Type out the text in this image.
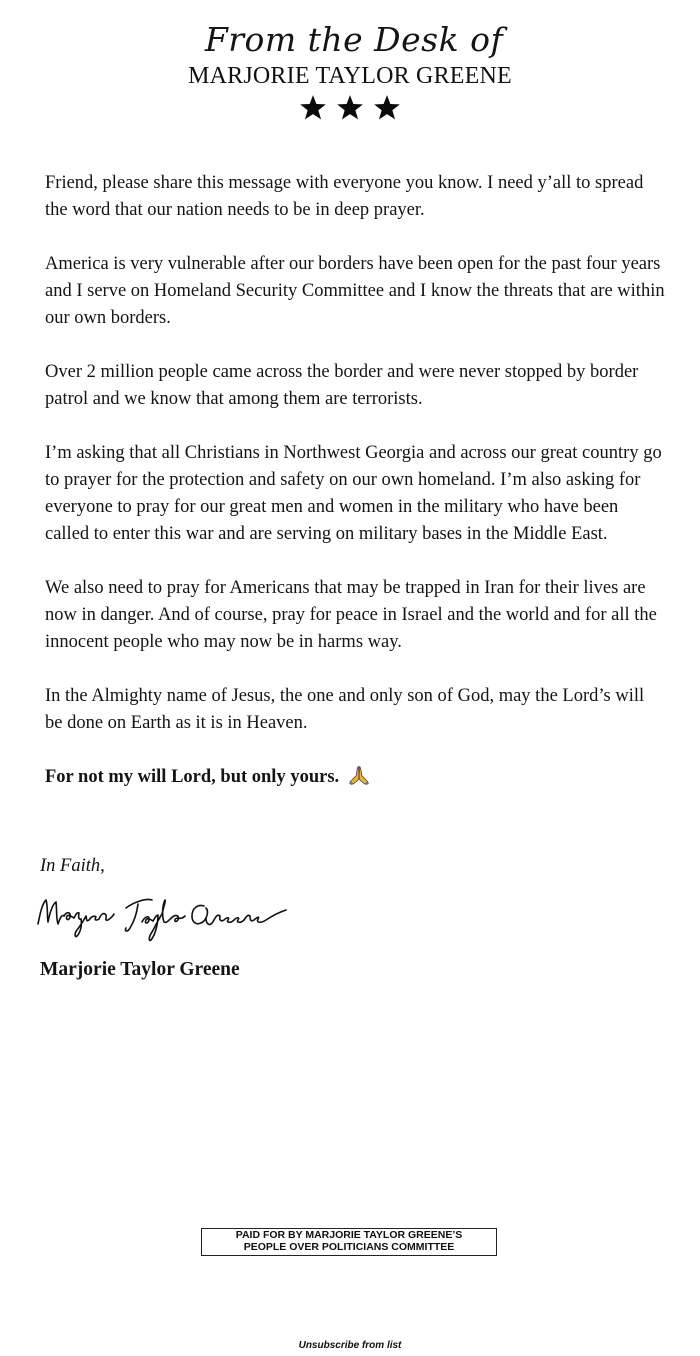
From the Desk of
MARJORIE TAYLOR GREENE

Friend, please share this message with everyone you know. I need y’all to spread the word that our nation needs to be in deep prayer.

America is very vulnerable after our borders have been open for the past four years and I serve on Homeland Security Committee and I know the threats that are within our own borders.

Over 2 million people came across the border and were never stopped by border patrol and we know that among them are terrorists.

I’m asking that all Christians in Northwest Georgia and across our great country go to prayer for the protection and safety on our own homeland. I’m also asking for everyone to pray for our great men and women in the military who have been called to enter this war and are serving on military bases in the Middle East.

We also need to pray for Americans that may be trapped in Iran for their lives are now in danger. And of course, pray for peace in Israel and the world and for all the innocent people who may now be in harms way.

In the Almighty name of Jesus, the one and only son of God, may the Lord’s will be done on Earth as it is in Heaven.

For not my will Lord, but only yours.

In Faith,
Marjorie Taylor Greene
PAID FOR BY MARJORIE TAYLOR GREENE’S
PEOPLE OVER POLITICIANS COMMITTEE
Unsubscribe from list
